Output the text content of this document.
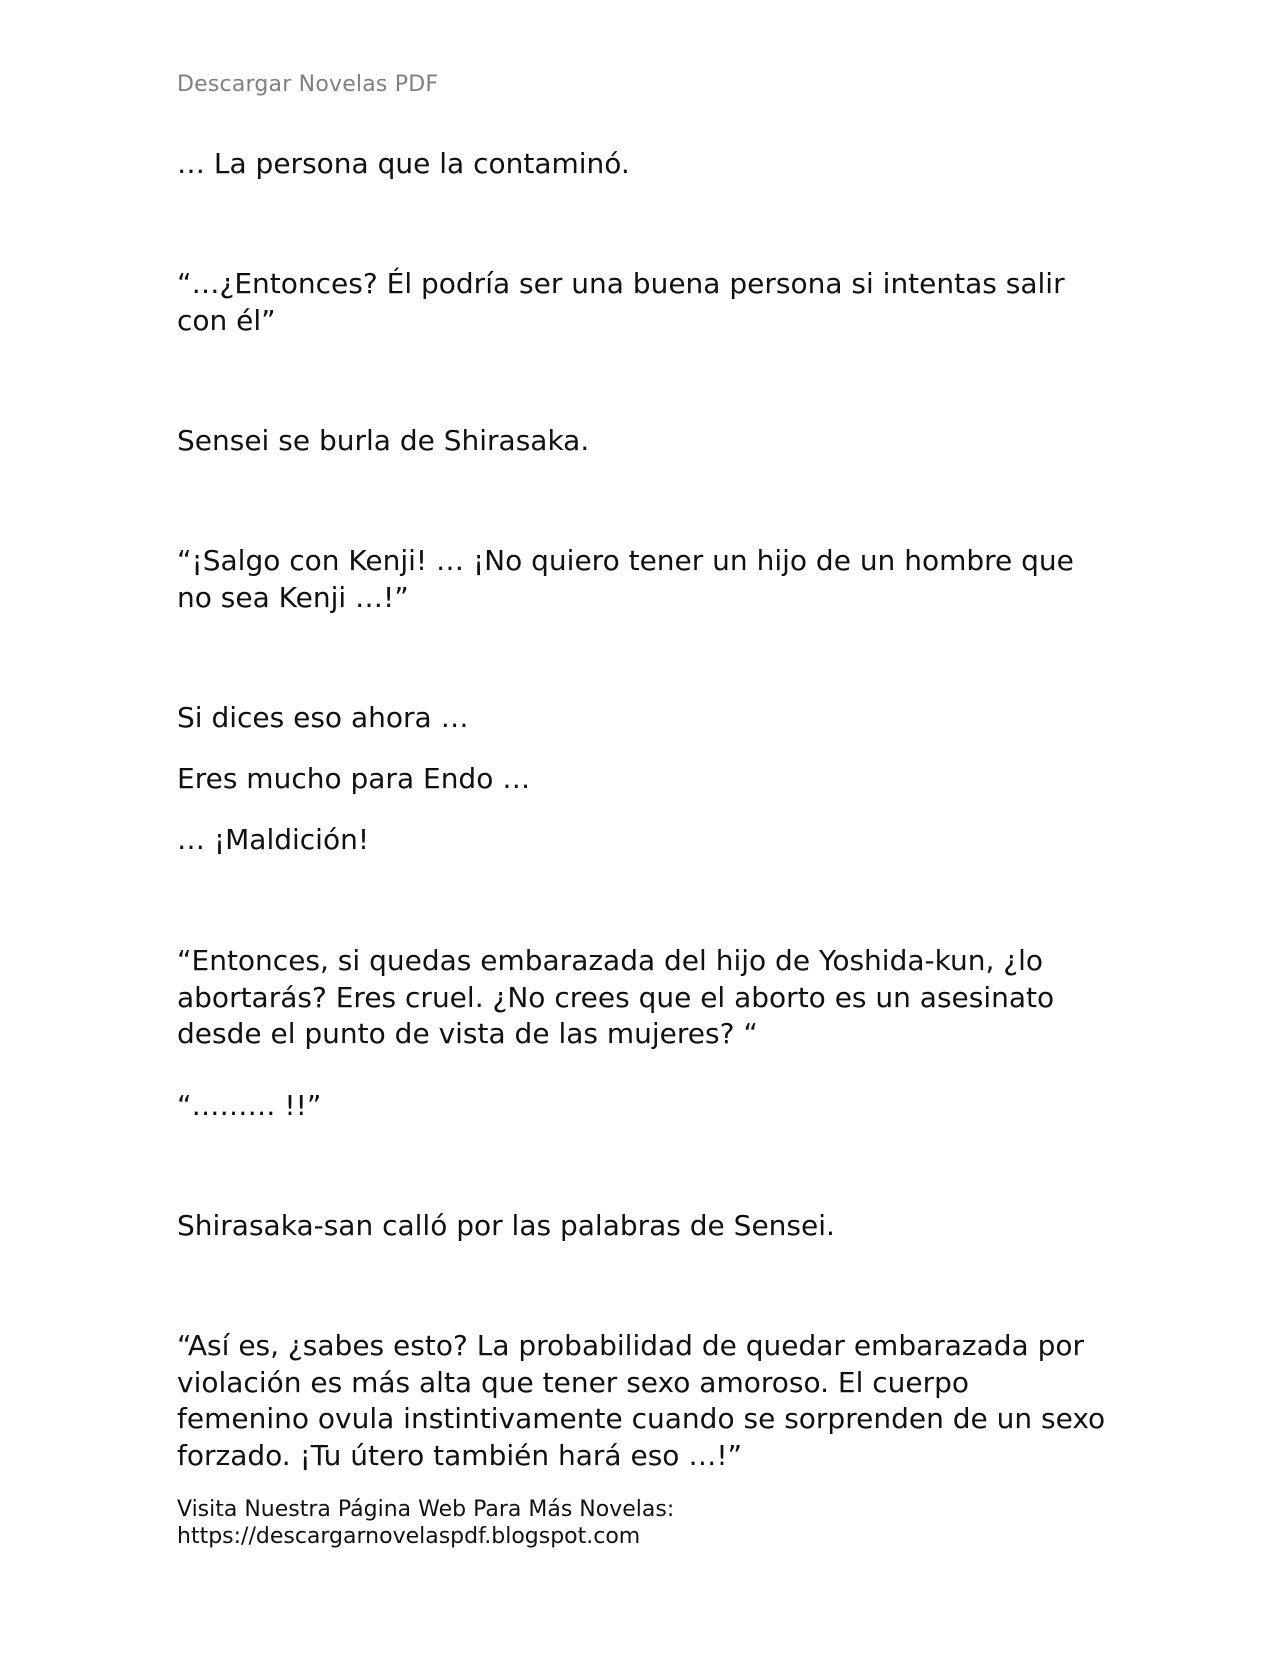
Descargar Novelas PDF

… La persona que la contaminó.

“…¿Entonces? Él podría ser una buena persona si intentas salir con él”

Sensei se burla de Shirasaka.

“¡Salgo con Kenji! … ¡No quiero tener un hijo de un hombre que no sea Kenji …!”

Si dices eso ahora …

Eres mucho para Endo …

… ¡Maldición!

“Entonces, si quedas embarazada del hijo de Yoshida-kun, ¿lo abortarás? Eres cruel. ¿No crees que el aborto es un asesinato desde el punto de vista de las mujeres? “

“……… !!”

Shirasaka-san calló por las palabras de Sensei.

“Así es, ¿sabes esto? La probabilidad de quedar embarazada por violación es más alta que tener sexo amoroso. El cuerpo femenino ovula instintivamente cuando se sorprenden de un sexo forzado. ¡Tu útero también hará eso …!”

Visita Nuestra Página Web Para Más Novelas:
https://descargarnovelaspdf.blogspot.com
